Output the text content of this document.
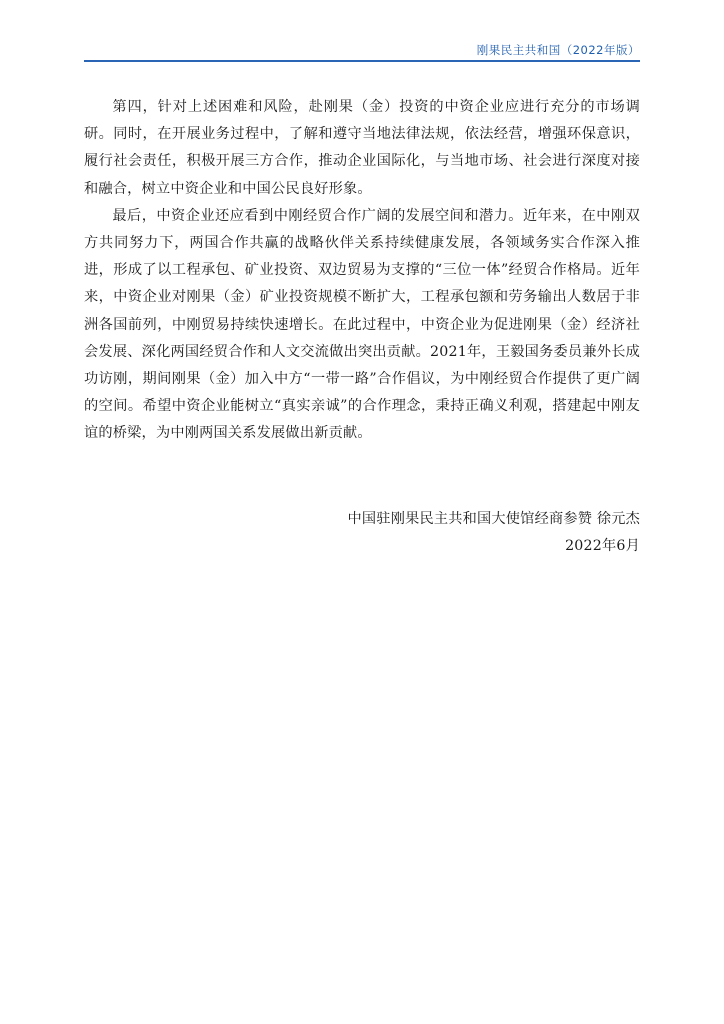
刚果民主共和国（2022年版）

第四，针对上述困难和风险，赴刚果（金）投资的中资企业应进行充分的市场调研。同时，在开展业务过程中，了解和遵守当地法律法规，依法经营，增强环保意识，履行社会责任，积极开展三方合作，推动企业国际化，与当地市场、社会进行深度对接和融合，树立中资企业和中国公民良好形象。

最后，中资企业还应看到中刚经贸合作广阔的发展空间和潜力。近年来，在中刚双方共同努力下，两国合作共赢的战略伙伴关系持续健康发展，各领域务实合作深入推进，形成了以工程承包、矿业投资、双边贸易为支撑的“三位一体”经贸合作格局。近年来，中资企业对刚果（金）矿业投资规模不断扩大，工程承包额和劳务输出人数居于非洲各国前列，中刚贸易持续快速增长。在此过程中，中资企业为促进刚果（金）经济社会发展、深化两国经贸合作和人文交流做出突出贡献。2021年，王毅国务委员兼外长成功访刚，期间刚果（金）加入中方“一带一路”合作倡议，为中刚经贸合作提供了更广阔的空间。希望中资企业能树立“真实亲诚”的合作理念，秉持正确义利观，搭建起中刚友谊的桥梁，为中刚两国关系发展做出新贡献。

中国驻刚果民主共和国大使馆经商参赞 徐元杰
2022年6月
